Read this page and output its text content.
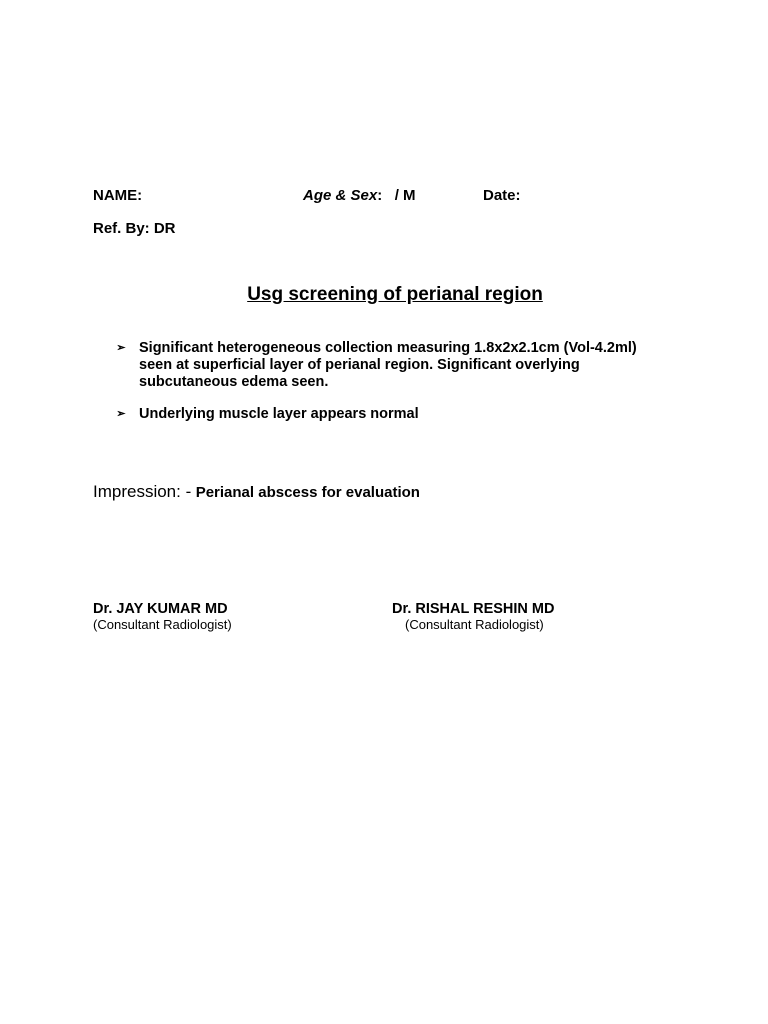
NAME:	Age & Sex: / M	Date:
Ref. By: DR
Usg screening of perianal region
➢ Significant heterogeneous collection measuring 1.8x2x2.1cm (Vol-4.2ml) seen at superficial layer of perianal region. Significant overlying subcutaneous edema seen.
➢ Underlying muscle layer appears normal
Impression: - Perianal abscess for evaluation
Dr. JAY KUMAR MD
(Consultant Radiologist)
Dr. RISHAL RESHIN MD
(Consultant Radiologist)
